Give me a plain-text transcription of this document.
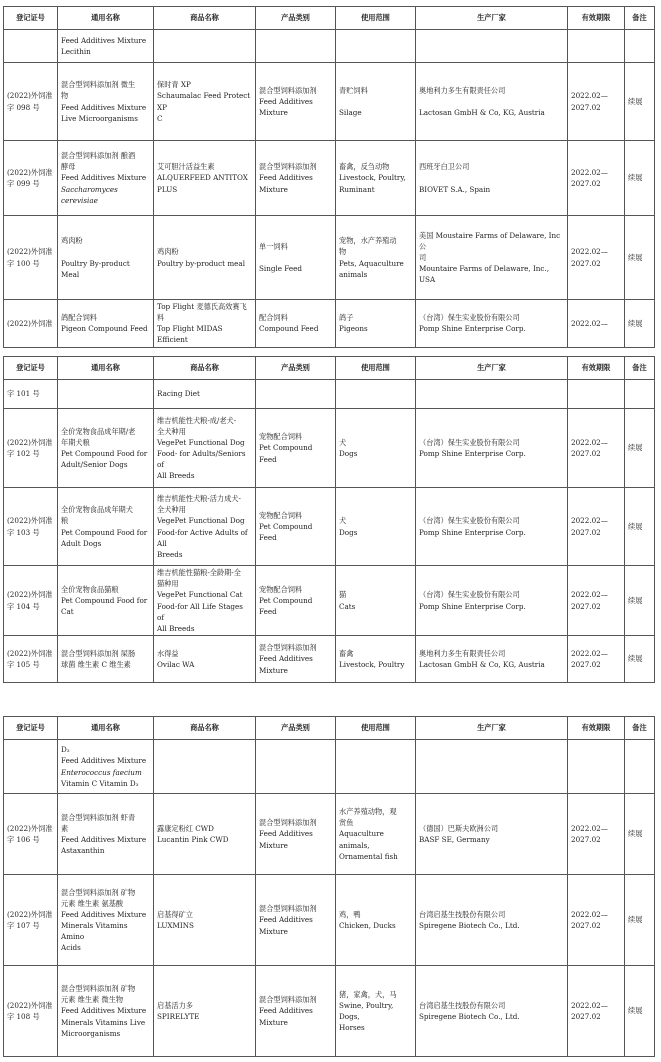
登记证号	通用名称	商品名称	产品类别	使用范围	生产厂家	有效期限	备注

	Feed Additives Mixture
Lecithin						

(2022)外饲准
字 098 号	混合型饲料添加剂 微生
物
Feed Additives Mixture
Live Microorganisms	保时青 XP
Schaumalac Feed Protect XP
C	混合型饲料添加剂
Feed Additives
Mixture	青贮饲料

Silage	奥地利力多生有限责任公司

Lactosan GmbH & Co, KG, Austria	2022.02—
2027.02	续展

(2022)外饲准
字 099 号	混合型饲料添加剂 酿酒
酵母
Feed Additives Mixture
Saccharomyces cerevisiae	艾可胆汁活益生素
ALQUERFEED ANTITOX
PLUS	混合型饲料添加剂
Feed Additives
Mixture	畜禽，反刍动物
Livestock, Poultry,
Ruminant	西班牙白卫公司

BIOVET S.A., Spain	2022.02—
2027.02	续展

(2022)外饲准
字 100 号	鸡肉粉

Poultry By-product Meal	鸡肉粉
Poultry by-product meal	单一饲料

Single Feed	宠物，水产养殖动
物
Pets, Aquaculture
animals	美国 Moustaire Farms of Delaware, Inc 公
司
Mountaire Farms of Delaware, Inc., USA	2022.02—
2027.02	续展

(2022)外饲准	鸽配合饲料
Pigeon Compound Feed	Top Flight 麦德氏高效赛飞
料
Top Flight MIDAS Efficient	配合饲料
Compound Feed	鸽子
Pigeons	（台湾）保生实业股份有限公司
Pomp Shine Enterprise Corp.	2022.02—	续展
登记证号	通用名称	商品名称	产品类别	使用范围	生产厂家	有效期限	备注

字 101 号		Racing Diet					

(2022)外饲准
字 102 号	全价宠物食品成年期/老
年期犬粮
Pet Compound Food for
Adult/Senior Dogs	维吉机能性犬粮-成/老犬-
全犬种用
VegePet Functional Dog
Food- for Adults/Seniors of
All Breeds	宠物配合饲料
Pet Compound Feed	犬
Dogs	（台湾）保生实业股份有限公司
Pomp Shine Enterprise Corp.	2022.02—
2027.02	续展

(2022)外饲准
字 103 号	全价宠物食品成年期犬
粮
Pet Compound Food for
Adult Dogs	维吉机能性犬粮-活力成犬-
全犬种用
VegePet Functional Dog
Food-for Active Adults of All
Breeds	宠物配合饲料
Pet Compound Feed	犬
Dogs	（台湾）保生实业股份有限公司
Pomp Shine Enterprise Corp.	2022.02—
2027.02	续展

(2022)外饲准
字 104 号	全价宠物食品猫粮
Pet Compound Food for
Cat	维吉机能性猫粮-全龄期-全
猫种用
VegePet Functional Cat
Food-for All Life Stages of
All Breeds	宠物配合饲料
Pet Compound Feed	猫
Cats	（台湾）保生实业股份有限公司
Pomp Shine Enterprise Corp.	2022.02—
2027.02	续展

(2022)外饲准
字 105 号	混合型饲料添加剂 屎肠
球菌 维生素 C 维生素	水得益
Ovilac WA	混合型饲料添加剂
Feed Additives
Mixture	畜禽
Livestock, Poultry	奥地利力多生有限责任公司
Lactosan GmbH & Co, KG, Austria	2022.02—
2027.02	续展
登记证号	通用名称	商品名称	产品类别	使用范围	生产厂家	有效期限	备注

	D₃
Feed Additives Mixture
Enterococcus faecium
Vitamin C Vitamin D₃						

(2022)外饲准
字 106 号	混合型饲料添加剂 虾青
素
Feed Additives Mixture
Astaxanthin	露康定粉红 CWD
Lucantin Pink CWD	混合型饲料添加剂
Feed Additives
Mixture	水产养殖动物，观
赏鱼
Aquaculture animals,
Ornamental fish	（德国）巴斯夫欧洲公司
BASF SE, Germany	2022.02—
2027.02	续展

(2022)外饲准
字 107 号	混合型饲料添加剂 矿物
元素 维生素 氨基酸
Feed Additives Mixture
Minerals Vitamins Amino
Acids	启基得矿立
LUXMINS	混合型饲料添加剂
Feed Additives
Mixture	鸡，鸭
Chicken, Ducks	台湾启基生技股份有限公司
Spiregene Biotech Co., Ltd.	2022.02—
2027.02	续展

(2022)外饲准
字 108 号	混合型饲料添加剂 矿物
元素 维生素 微生物
Feed Additives Mixture
Minerals Vitamins Live
Microorganisms	启基活力多
SPIRELYTE	混合型饲料添加剂
Feed Additives
Mixture	猪，家禽，犬，马
Swine, Poultry, Dogs,
Horses	台湾启基生技股份有限公司
Spiregene Biotech Co., Ltd.	2022.02—
2027.02	续展
